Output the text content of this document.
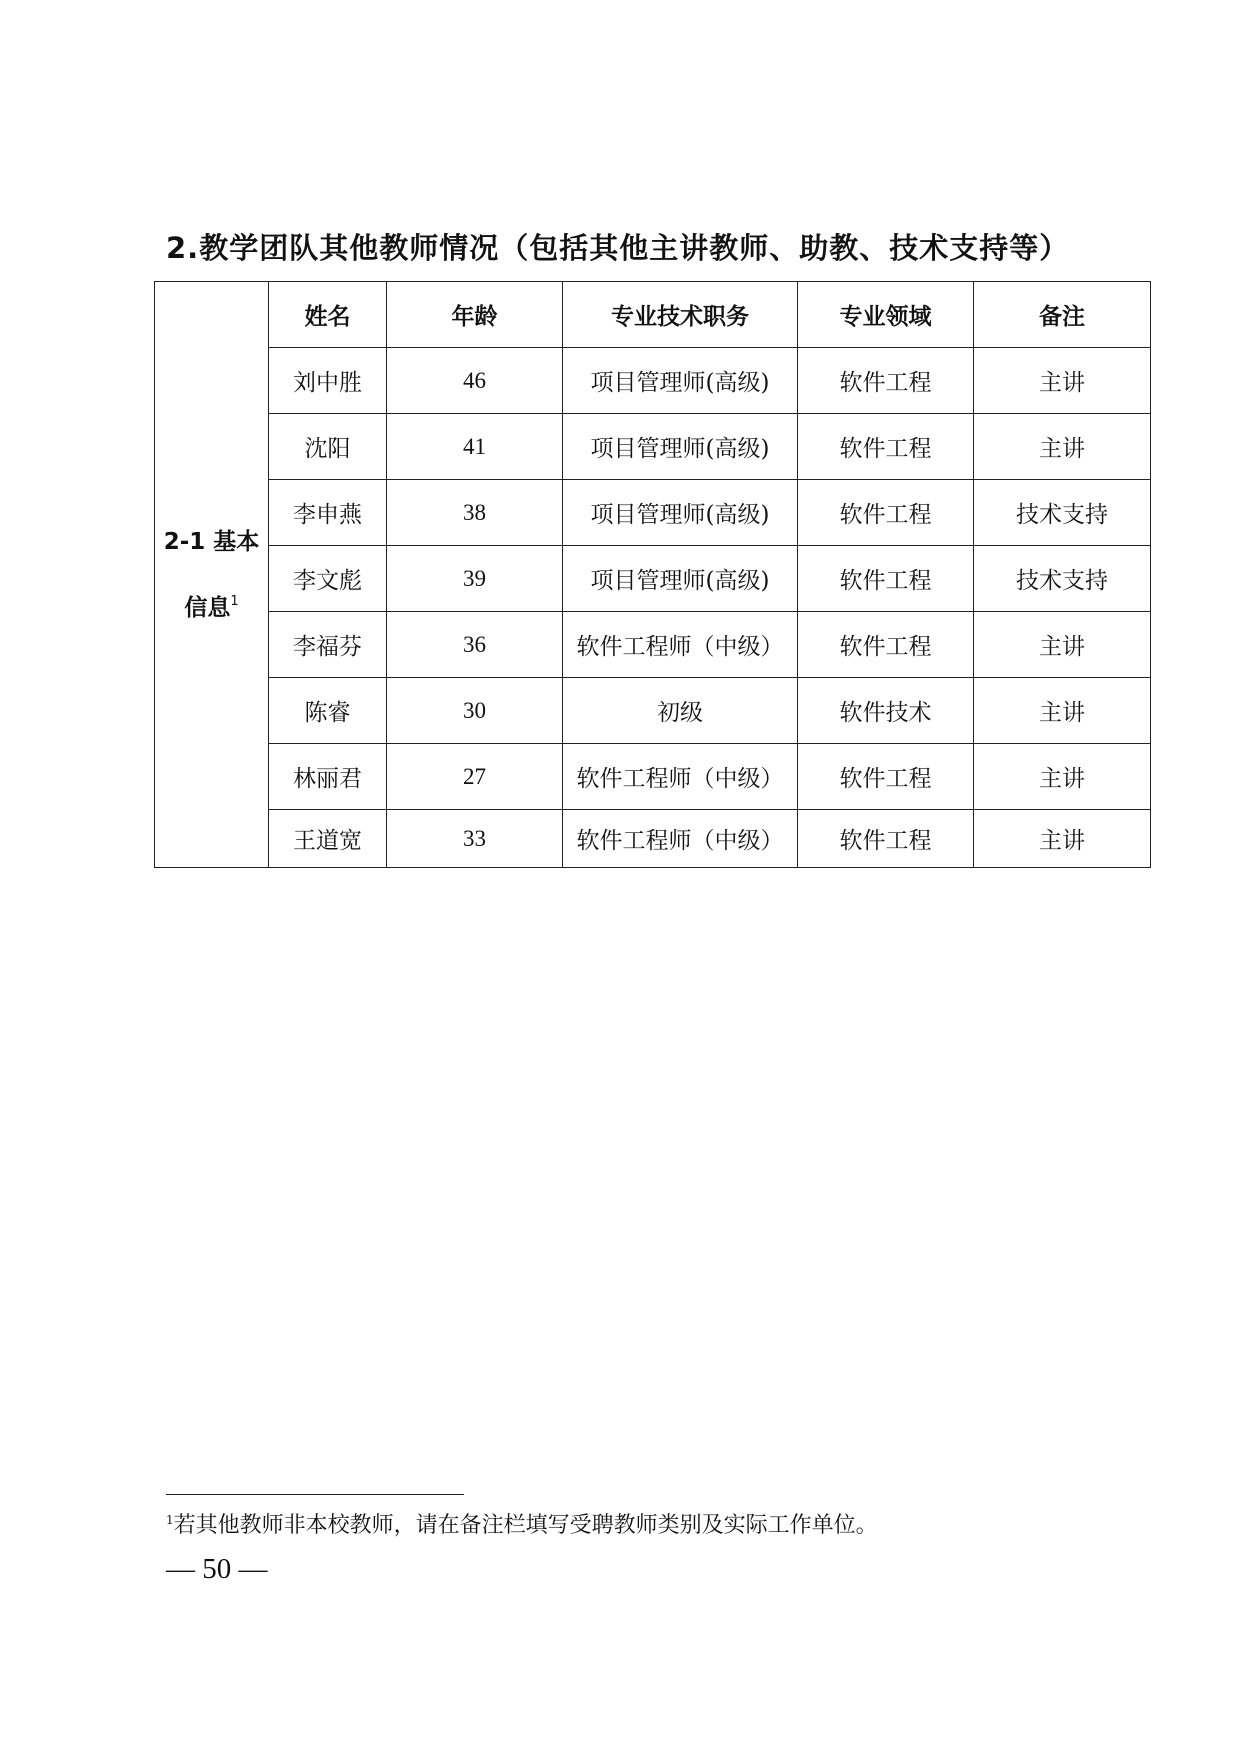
2.教学团队其他教师情况（包括其他主讲教师、助教、技术支持等）
2-1 基本
信息$^1$	姓名	年龄	专业技术职务	专业领域	备注
	刘中胜	46	项目管理师(高级)	软件工程	主讲
	沈阳	41	项目管理师(高级)	软件工程	主讲
	李申燕	38	项目管理师(高级)	软件工程	技术支持
	李文彪	39	项目管理师(高级)	软件工程	技术支持
	李福芬	36	软件工程师（中级）	软件工程	主讲
	陈睿	30	初级	软件技术	主讲
	林丽君	27	软件工程师（中级）	软件工程	主讲
	王道宽	33	软件工程师（中级）	软件工程	主讲
$^1$若其他教师非本校教师，请在备注栏填写受聘教师类别及实际工作单位。
— 50 —
